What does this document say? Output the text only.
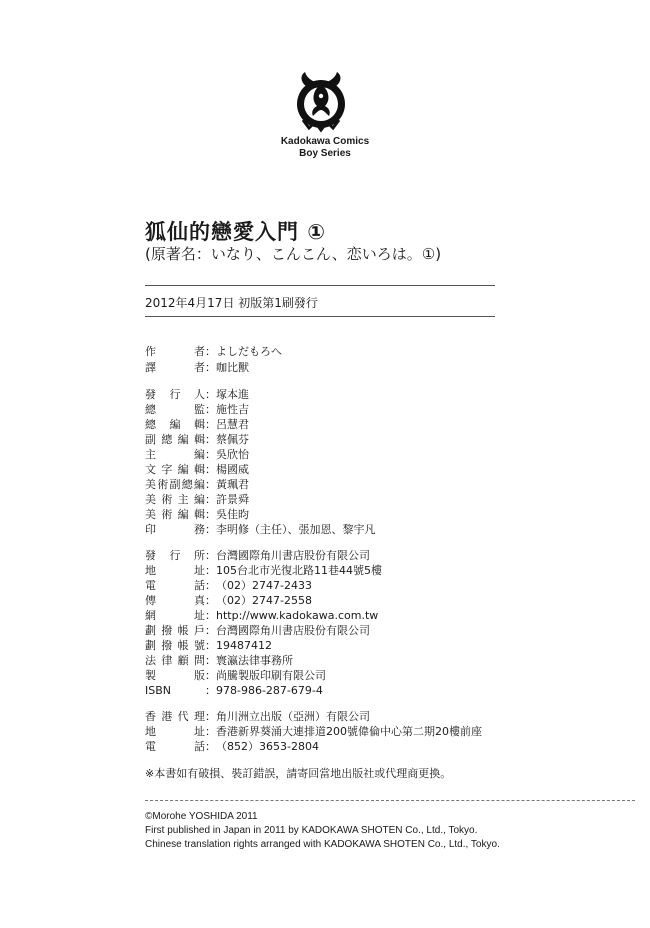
Kadokawa Comics
Boy Series
狐仙的戀愛入門 ①
(原著名：いなり、こんこん、恋いろは。①)
2012年4月17日 初版第1刷發行
作者：よしだもろへ
譯者：咖比獸
發行人：塚本進
總監：施性吉
總編輯：呂慧君
副總編輯：蔡佩芬
主編：吳欣怡
文字編輯：楊國威
美術副總編：黃珮君
美術主編：許景舜
美術編輯：吳佳昀
印務：李明修（主任）、張加恩、黎宇凡
發行所：台灣國際角川書店股份有限公司
地址：105台北市光復北路11巷44號5樓
電話：（02）2747-2433
傳真：（02）2747-2558
網址：http://www.kadokawa.com.tw
劃撥帳戶：台灣國際角川書店股份有限公司
劃撥帳號：19487412
法律顧問：寰瀛法律事務所
製版：尚騰製版印刷有限公司
ISBN	：978-986-287-679-4
香港代理：角川洲立出版（亞洲）有限公司
地址：香港新界葵涌大連排道200號偉倫中心第二期20樓前座
電話：（852）3653-2804
※本書如有破損、裝訂錯誤，請寄回當地出版社或代理商更換。
©Morohe YOSHIDA 2011
First published in Japan in 2011 by KADOKAWA SHOTEN Co., Ltd., Tokyo.
Chinese translation rights arranged with KADOKAWA SHOTEN Co., Ltd., Tokyo.
